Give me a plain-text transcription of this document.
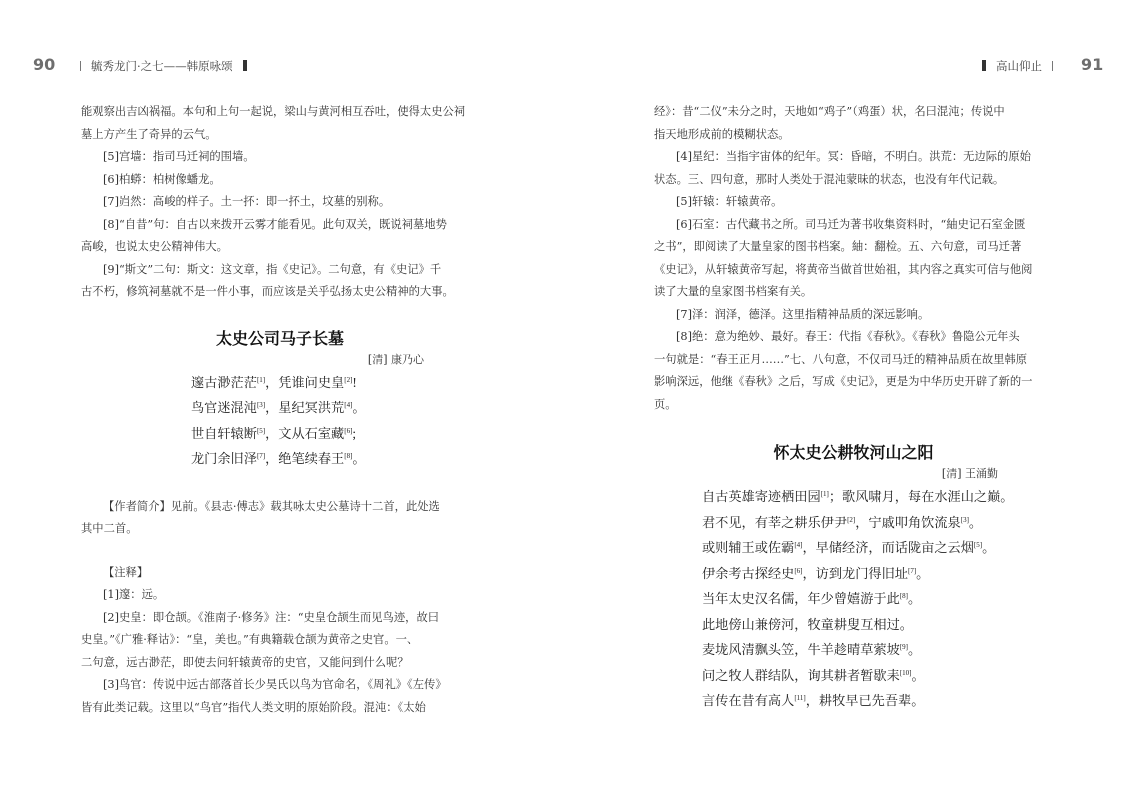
90	毓秀龙门·之七——韩原咏颂	高山仰止	91

能观察出吉凶祸福。本句和上句一起说，梁山与黄河相互吞吐，使得太史公祠

墓上方产生了奇异的云气。

[5]宫墙：指司马迁祠的围墙。

[6]柏蟒：柏树像蟠龙。

[7]岿然：高峻的样子。土一抔：即一抔土，坟墓的别称。

[8]“自昔”句：自古以来拨开云雾才能看见。此句双关，既说祠墓地势

高峻，也说太史公精神伟大。

[9]“斯文”二句：斯文：这文章，指《史记》。二句意，有《史记》千

古不朽，修筑祠墓就不是一件小事，而应该是关乎弘扬太史公精神的大事。

太史公司马子长墓
[清] 康乃心
邃古渺茫茫[1]，凭谁问史皇[2]!
鸟官迷混沌[3]，星纪冥洪荒[4]。
世自轩辕断[5]，文从石室藏[6];
龙门余旧泽[7]，绝笔续春王[8]。

【作者简介】见前。《县志·傅志》载其咏太史公墓诗十二首，此处选

其中二首。

【注释】

[1]邃：远。

[2]史皇：即仓颉。《淮南子·修务》注：“史皇仓颉生而见鸟迹，故曰

史皇。”《广雅·释诂》：“皇，美也。”有典籍载仓颉为黄帝之史官。一、

二句意，远古渺茫，即使去问轩辕黄帝的史官，又能问到什么呢？

[3]鸟官：传说中远古部落首长少昊氏以鸟为官命名，《周礼》《左传》

皆有此类记载。这里以“鸟官”指代人类文明的原始阶段。混沌：《太始

经》：昔“二仪”未分之时，天地如“鸡子”（鸡蛋）状，名曰混沌；传说中

指天地形成前的模糊状态。

[4]星纪：当指宇宙体的纪年。冥：昏暗，不明白。洪荒：无边际的原始

状态。三、四句意，那时人类处于混沌蒙昧的状态，也没有年代记载。

[5]轩辕：轩辕黄帝。

[6]石室：古代藏书之所。司马迁为著书收集资料时，“紬史记石室金匮

之书”，即阅读了大量皇家的图书档案。紬：翻检。五、六句意，司马迁著

《史记》，从轩辕黄帝写起，将黄帝当做首世始祖，其内容之真实可信与他阅

读了大量的皇家图书档案有关。

[7]泽：润泽，德泽。这里指精神品质的深远影响。

[8]绝：意为绝妙、最好。春王：代指《春秋》。《春秋》鲁隐公元年头

一句就是：“春王正月……”七、八句意，不仅司马迁的精神品质在故里韩原

影响深远，他继《春秋》之后，写成《史记》，更是为中华历史开辟了新的一

页。

怀太史公耕牧河山之阳
[清] 王涌勤
自古英雄寄迹栖田园[1]；歌风啸月，每在水涯山之巅。
君不见，有莘之耕乐伊尹[2]，宁戚叩角饮流泉[3]。
或则辅王或佐霸[4]，早储经济，而话陇亩之云烟[5]。
伊余考古探经史[6]，访到龙门得旧址[7]。
当年太史汉名儒，年少曾嬉游于此[8]。
此地傍山兼傍河，牧童耕叟互相过。
麦垅风清飘头笠，牛羊趁晴草萦坡[9]。
问之牧人群结队，询其耕者暂歇耒[10]。
言传在昔有高人[11]，耕牧早已先吾辈。
